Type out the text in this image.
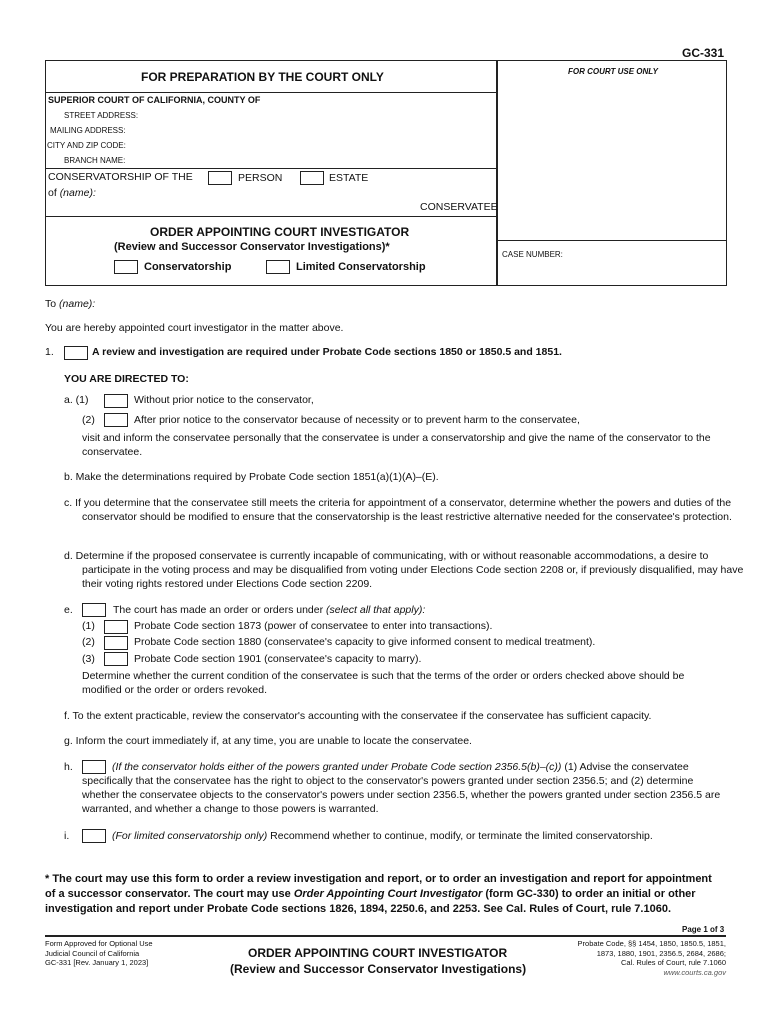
GC-331
FOR PREPARATION BY THE COURT ONLY	FOR COURT USE ONLY
SUPERIOR COURT OF CALIFORNIA, COUNTY OF
STREET ADDRESS:
MAILING ADDRESS:
CITY AND ZIP CODE:
BRANCH NAME:
CONSERVATORSHIP OF THE	PERSON	ESTATE
of (name):
CONSERVATEE
ORDER APPOINTING COURT INVESTIGATOR
(Review and Successor Conservator Investigations)*
Conservatorship	Limited Conservatorship
CASE NUMBER:
To (name):
You are hereby appointed court investigator in the matter above.
1.	A review and investigation are required under Probate Code sections 1850 or 1850.5 and 1851.
YOU ARE DIRECTED TO:
a. (1)	Without prior notice to the conservator,
(2)	After prior notice to the conservator because of necessity or to prevent harm to the conservatee,
visit and inform the conservatee personally that the conservatee is under a conservatorship and give the name of the conservator to the conservatee.
b. Make the determinations required by Probate Code section 1851(a)(1)(A)–(E).
c. If you determine that the conservatee still meets the criteria for appointment of a conservator, determine whether the powers and duties of the conservator should be modified to ensure that the conservatorship is the least restrictive alternative needed for the conservatee's protection.
d. Determine if the proposed conservatee is currently incapable of communicating, with or without reasonable accommodations, a desire to participate in the voting process and may be disqualified from voting under Elections Code section 2208 or, if previously disqualified, may have their voting rights restored under Elections Code section 2209.
e.	The court has made an order or orders under (select all that apply):
(1)	Probate Code section 1873 (power of conservatee to enter into transactions).
(2)	Probate Code section 1880 (conservatee's capacity to give informed consent to medical treatment).
(3)	Probate Code section 1901 (conservatee's capacity to marry).
Determine whether the current condition of the conservatee is such that the terms of the order or orders checked above should be modified or the order or orders revoked.
f. To the extent practicable, review the conservator's accounting with the conservatee if the conservatee has sufficient capacity.
g. Inform the court immediately if, at any time, you are unable to locate the conservatee.
h.	(If the conservator holds either of the powers granted under Probate Code section 2356.5(b)–(c)) (1) Advise the conservatee specifically that the conservatee has the right to object to the conservator's powers granted under section 2356.5; and (2) determine whether the conservatee objects to the conservator's powers under section 2356.5, whether the powers granted under section 2356.5 are warranted, and whether a change to those powers is warranted.
i.	(For limited conservatorship only) Recommend whether to continue, modify, or terminate the limited conservatorship.
* The court may use this form to order a review investigation and report, or to order an investigation and report for appointment of a successor conservator. The court may use Order Appointing Court Investigator (form GC-330) to order an initial or other investigation and report under Probate Code sections 1826, 1894, 2250.6, and 2253. See Cal. Rules of Court, rule 7.1060.
Page 1 of 3
Form Approved for Optional Use
Judicial Council of California
GC-331 [Rev. January 1, 2023]
ORDER APPOINTING COURT INVESTIGATOR
(Review and Successor Conservator Investigations)
Probate Code, §§ 1454, 1850, 1850.5, 1851,
1873, 1880, 1901, 2356.5, 2684, 2686;
Cal. Rules of Court, rule 7.1060
www.courts.ca.gov
